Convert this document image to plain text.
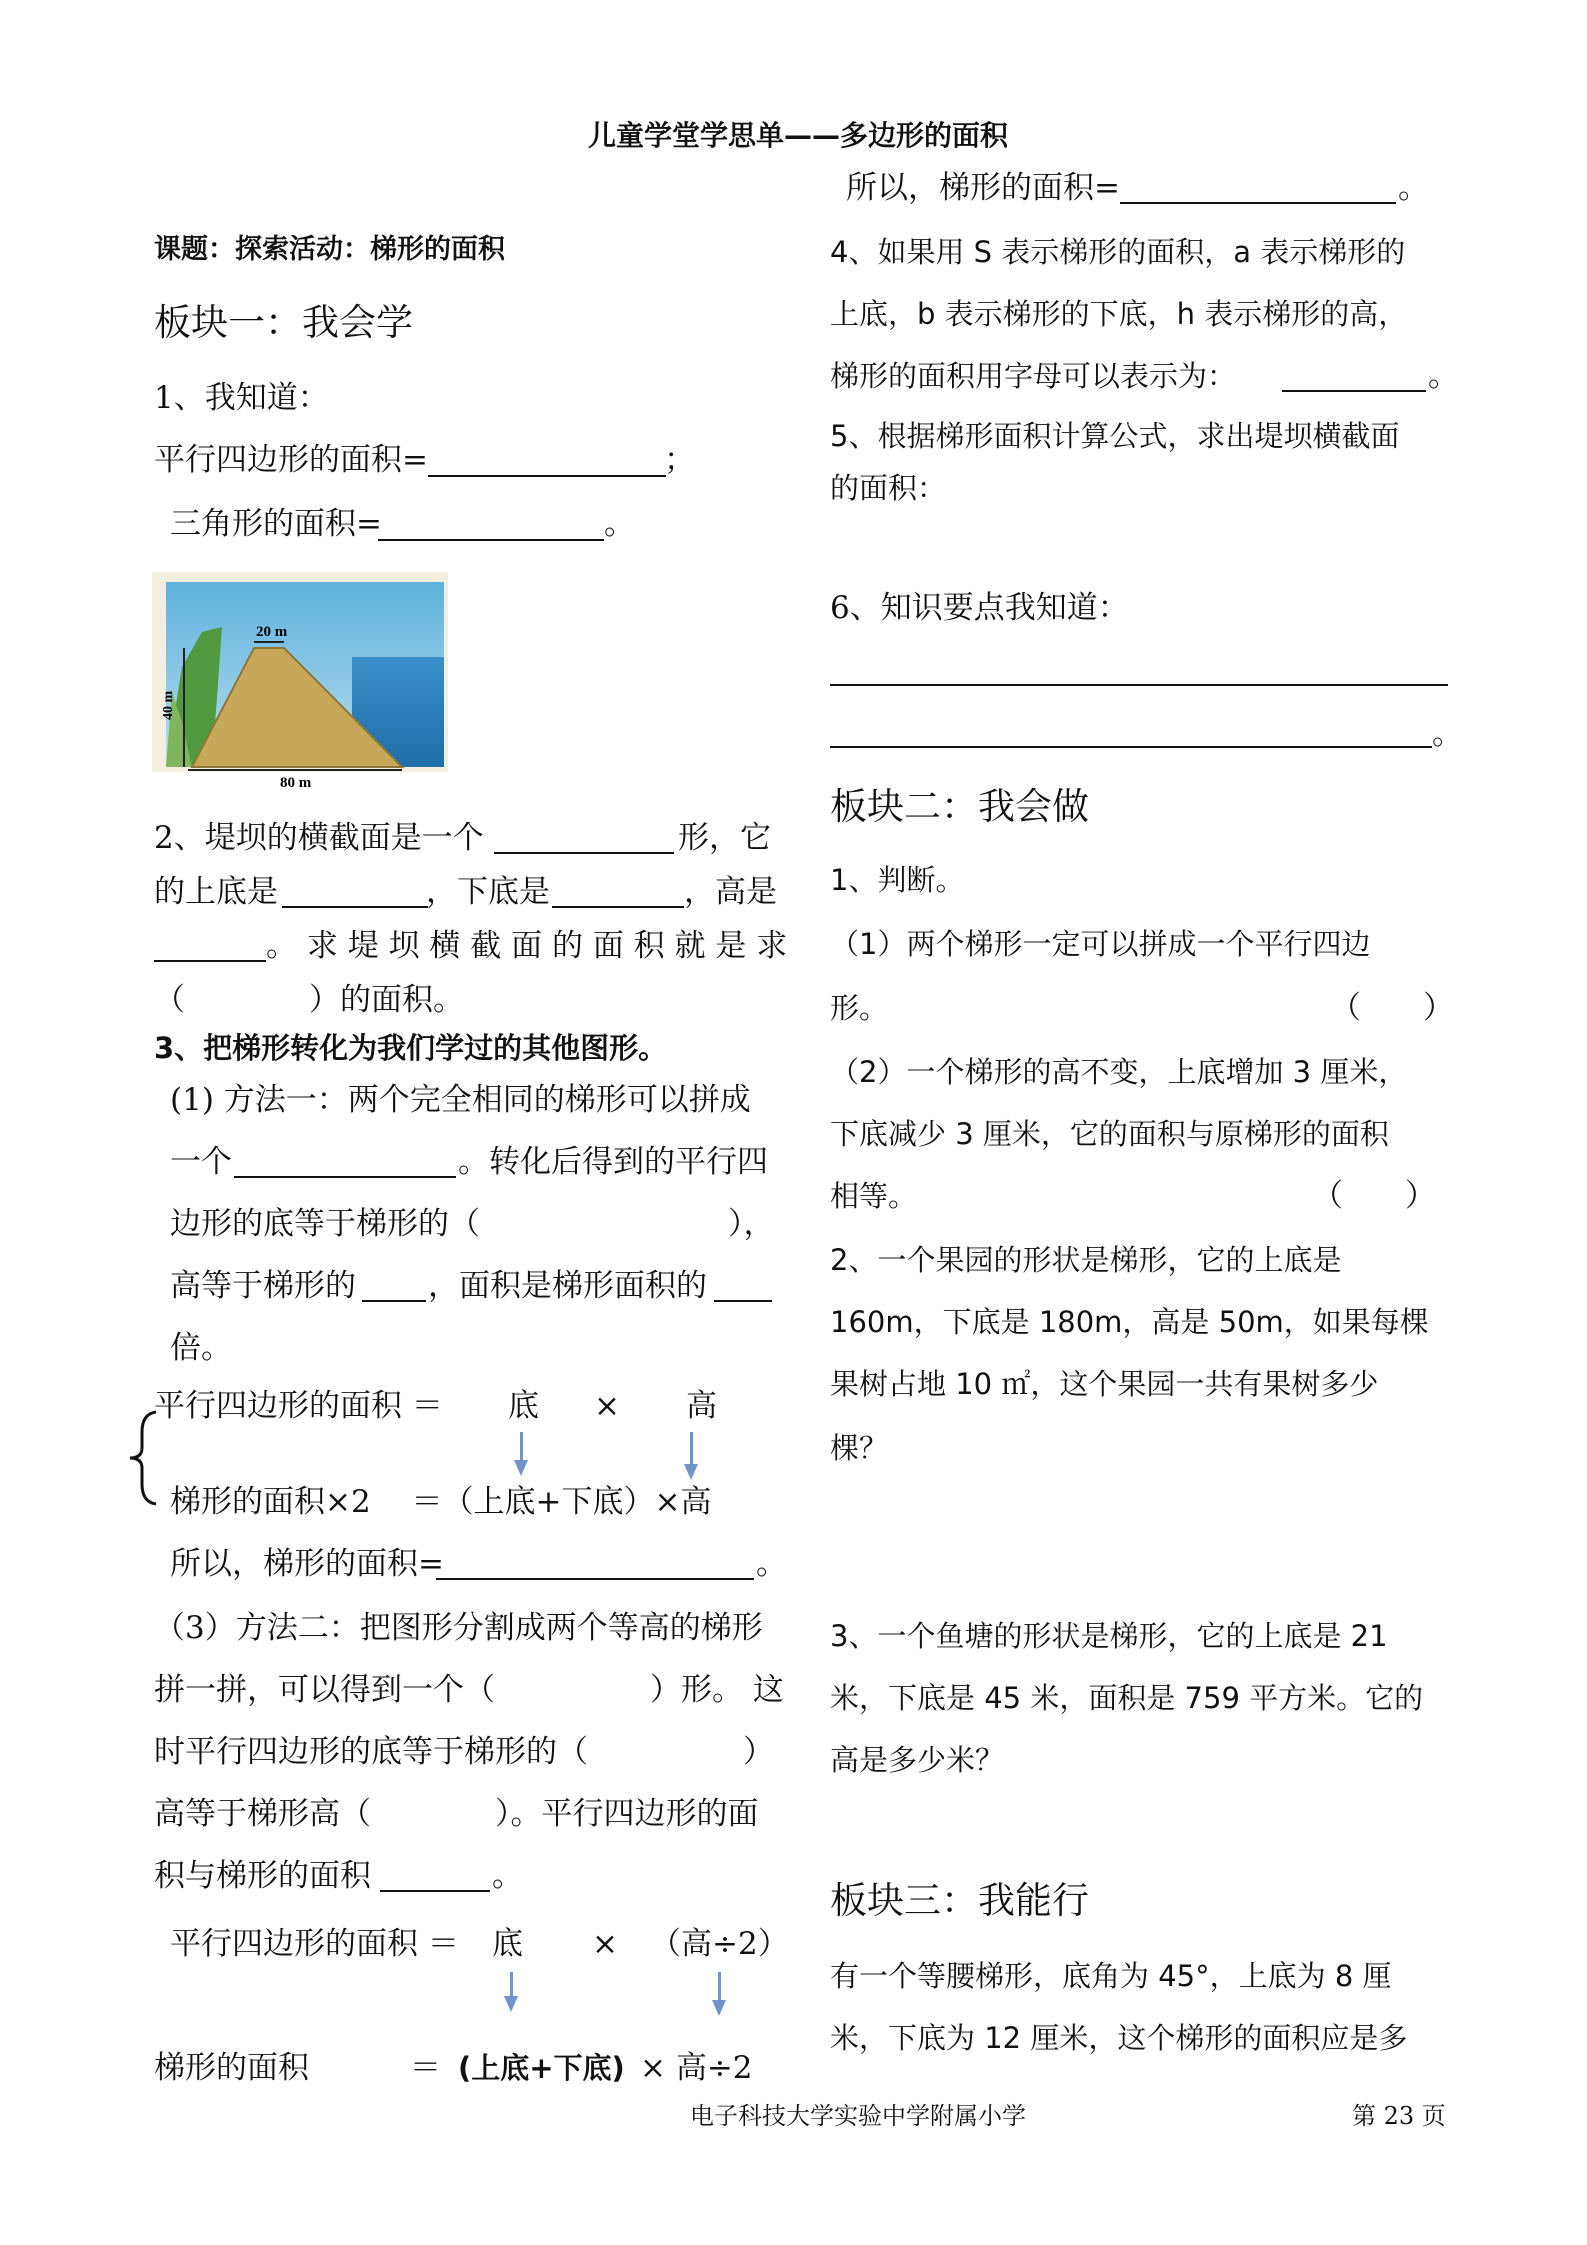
儿童学堂学思单——多边形的面积
课题：探索活动：梯形的面积
板块一：我会学
1、我知道：
平行四边形的面积=	；
三角形的面积=	。
20 m
40 m
80 m
2、堤坝的横截面是一个	形，它
的上底是	，下底是	，高是
。 求 堤 坝 横 截 面 的 面 积 就 是 求
（　　　　）的面积。
3、把梯形转化为我们学过的其他图形。
(1) 方法一：两个完全相同的梯形可以拼成
一个	。转化后得到的平行四
边形的底等于梯形的（　　　　　　　　），
高等于梯形的 ，面积是梯形面积的
倍。
平行四边形的面积 ＝ 底 × 高
梯形的面积×2　 ＝（上底+下底）×高
所以，梯形的面积=	。
（3）方法二：把图形分割成两个等高的梯形
拼一拼，可以得到一个（　　　　　）形。 这
时平行四边形的底等于梯形的（　　　　　）
高等于梯形高（　　　　）。平行四边形的面
积与梯形的面积	。
平行四边形的面积 ＝ 底 × （高÷2）
梯形的面积	＝ (上底+下底) × 高÷2
所以，梯形的面积=	。
4、如果用 S 表示梯形的面积，a 表示梯形的
上底，b 表示梯形的下底，h 表示梯形的高，
梯形的面积用字母可以表示为：	。
5、根据梯形面积计算公式，求出堤坝横截面
的面积：
6、知识要点我知道：
。
板块二：我会做
1、判断。
（1）两个梯形一定可以拼成一个平行四边
形。	（　　）
（2）一个梯形的高不变，上底增加 3 厘米，
下底减少 3 厘米，它的面积与原梯形的面积
相等。	（　　）
2、一个果园的形状是梯形，它的上底是
160m，下底是 180m，高是 50m，如果每棵
果树占地 10 ㎡，这个果园一共有果树多少
棵？
3、一个鱼塘的形状是梯形，它的上底是 21
米，下底是 45 米，面积是 759 平方米。它的
高是多少米？
板块三：我能行
有一个等腰梯形，底角为 45°，上底为 8 厘
米，下底为 12 厘米，这个梯形的面积应是多
电子科技大学实验中学附属小学	第 23 页
